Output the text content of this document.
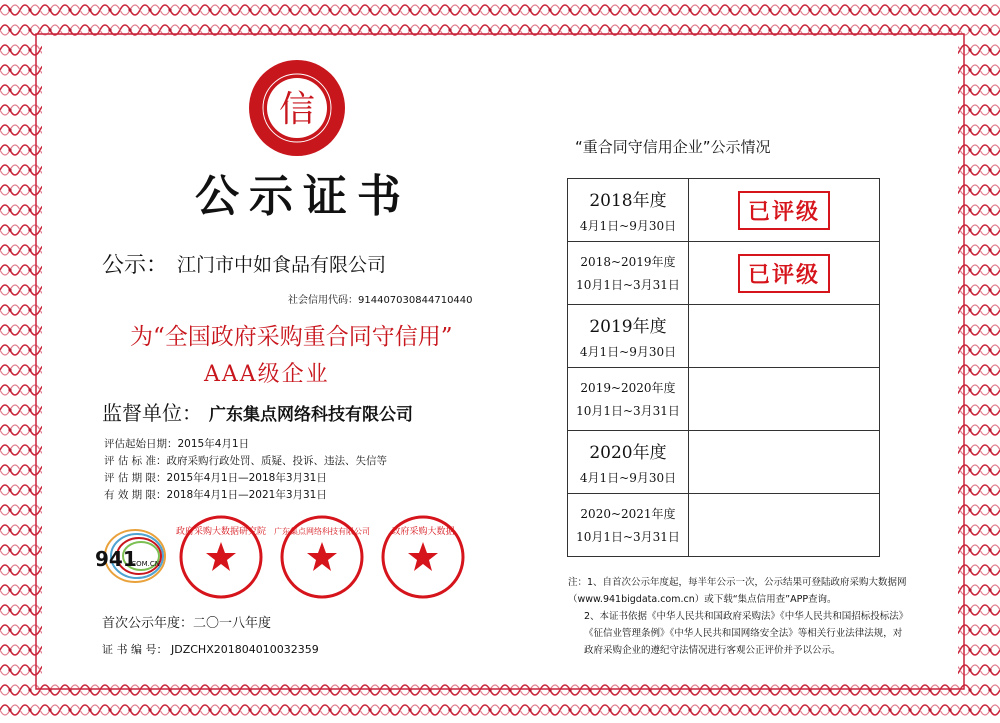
信
公示证书
公示： 江门市中如食品有限公司
社会信用代码：914407030844710440
为“全国政府采购重合同守信用”
AAA级企业
监督单位： 广东集点网络科技有限公司
评估起始日期：2015年4月1日
评 估 标 准：政府采购行政处罚、质疑、投诉、违法、失信等
评 估 期 限：2015年4月1日—2018年3月31日
有 效 期 限：2018年4月1日—2021年3月31日
941
.COM.CN
政府采购大数据研究院 广东集点网络科技有限公司 政府采购大数据
首次公示年度：二〇一八年度
证 书 编 号： JDZCHX201804010032359
“重合同守信用企业”公示情况
2018年度
4月1日~9月30日	已评级

2018~2019年度
10月1日~3月31日	已评级

2019年度
4月1日~9月30日	

2019~2020年度
10月1日~3月31日	

2020年度
4月1日~9月30日	

2020~2021年度
10月1日~3月31日	

注：1、自首次公示年度起，每半年公示一次，公示结果可登陆政府采购大数据网（www.941bigdata.com.cn）或下载“集点信用查”APP查询。
2、本证书依据《中华人民共和国政府采购法》《中华人民共和国招标投标法》《征信业管理条例》《中华人民共和国网络安全法》等相关行业法律法规，对政府采购企业的遵纪守法情况进行客观公正评价并予以公示。
